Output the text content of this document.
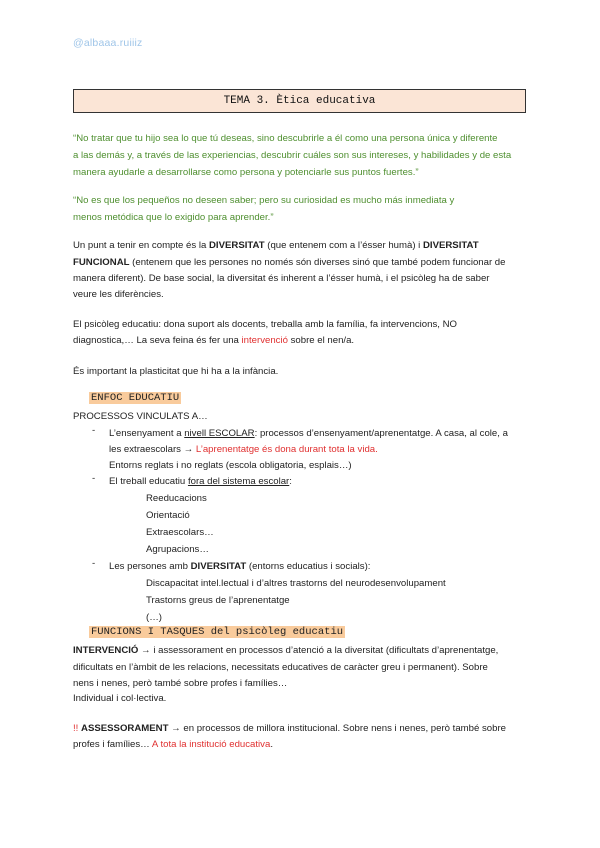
@albaaa.ruiiiz
TEMA 3. Ètica educativa
“No tratar que tu hijo sea lo que tú deseas, sino descubrirle a él como una persona única y diferente
a las demás y, a través de las experiencias, descubrir cuáles son sus intereses, y habilidades y de esta
manera ayudarle a desarrollarse como persona y potenciarle sus puntos fuertes.”
“No es que los pequeños no deseen saber; pero su curiosidad es mucho más inmediata y
menos metódica que lo exigido para aprender.”
Un punt a tenir en compte és la DIVERSITAT (que entenem com a l’ésser humà) i DIVERSITAT
FUNCIONAL (entenem que les persones no només són diverses sinó que també podem funcionar de
manera diferent). De base social, la diversitat és inherent a l’ésser humà, i el psicòleg ha de saber
veure les diferències.
El psicòleg educatiu: dona suport als docents, treballa amb la família, fa intervencions, NO
diagnostica,… La seva feina és fer una intervenció sobre el nen/a.
És important la plasticitat que hi ha a la infància.
ENFOC EDUCATIU
PROCESSOS VINCULATS A…
- L’ensenyament a nivell ESCOLAR: processos d’ensenyament/aprenentatge. A casa, al cole, a
les extraescolars → L’aprenentatge és dona durant tota la vida.
Entorns reglats i no reglats (escola obligatoria, esplais…)
- El treball educatiu fora del sistema escolar:
Reeducacions
Orientació
Extraescolars…
Agrupacions…
- Les persones amb DIVERSITAT (entorns educatius i socials):
Discapacitat intel.lectual i d’altres trastorns del neurodesenvolupament
Trastorns greus de l’aprenentatge
(…)
FUNCIONS I TASQUES del psicòleg educatiu
INTERVENCIÓ → i assessorament en processos d’atenció a la diversitat (dificultats d’aprenentatge,
dificultats en l’àmbit de les relacions, necessitats educatives de caràcter greu i permanent). Sobre
nens i nenes, però també sobre profes i famílies…
Individual i col·lectiva.
!! ASSESSORAMENT → en processos de millora institucional. Sobre nens i nenes, però també sobre
profes i famílies… A tota la institució educativa.
